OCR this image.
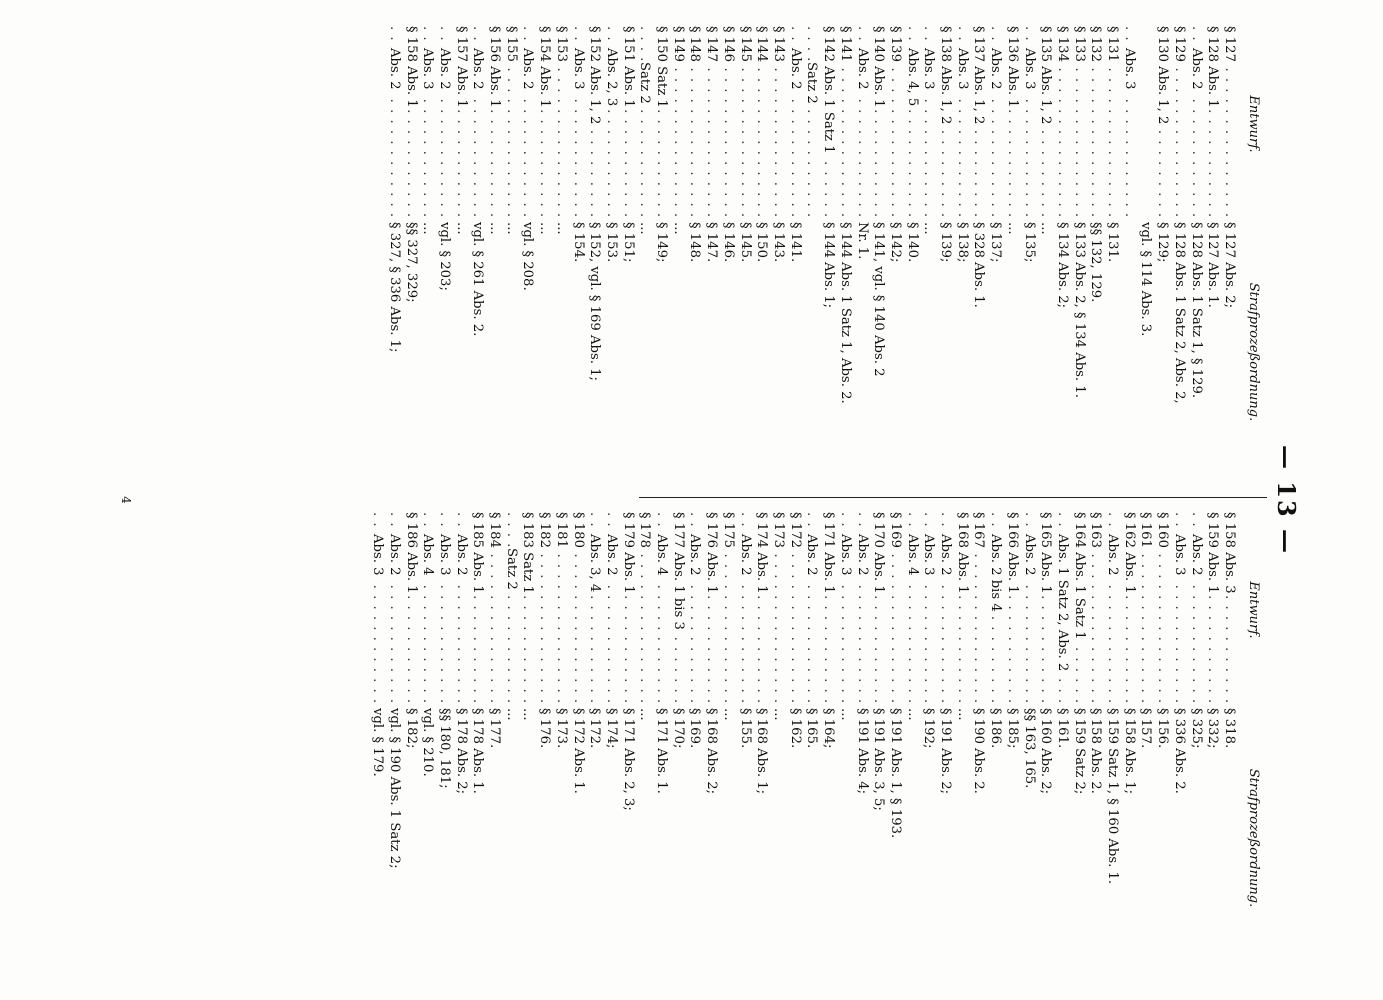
— 13 —
Entwurf.
Strafprozeßordnung.
§ 127 . . .
§ 127 Abs. 2;
§ 128 Abs. 1 . . .
§ 127 Abs. 1.
Abs. 2 . . .
§ 128 Abs. 1 Satz 1, § 129.
§ 129 . . .
§ 128 Abs. 1 Satz 2, Abs. 2,
§ 130 Abs. 1, 2 . . .
§ 129;
vgl. § 114 Abs. 3.
Abs. 3 . . .
§ 131 . . .
§ 131.
§ 132 . . .
§§ 132, 129.
§ 133 . . .
§ 133 Abs. 2, § 134 Abs. 1.
§ 134 . . .
§ 134 Abs. 2;
§ 135 Abs. 1, 2 . . .
...
Abs. 3 . . .
§ 135;
§ 136 Abs. 1 . . .
...
Abs. 2 . . .
§ 137;
§ 137 Abs. 1, 2 . . .
§ 328 Abs. 1.
Abs. 3 . . .
§ 138;
§ 138 Abs. 1, 2 . . .
§ 139;
Abs. 3 . . .
...
Abs. 4, 5 . . .
§ 140.
§ 139 . . .
§ 142;
§ 140 Abs. 1 . . .
§ 141, vgl. § 140 Abs. 2
Abs. 2 . . .
Nr. 1.
§ 141 . . .
§ 144 Abs. 1 Satz 1, Abs. 2.
§ 142 Abs. 1 Satz 1 . . .
§ 144 Abs. 1;
Satz 2 . . .
Abs. 2 . . .
§ 141.
§ 143 . . .
§ 143.
§ 144 . . .
§ 150.
§ 145 . . .
§ 145.
§ 146 . . .
§ 146.
§ 147 . . .
§ 147.
§ 148 . . .
§ 148.
§ 149 . . .
...
§ 150 Satz 1 . . .
§ 149;
Satz 2 . . .
...
§ 151 Abs. 1 . . .
§ 151;
Abs. 2, 3 . . .
§ 153.
§ 152 Abs. 1, 2 . . .
§ 152, vgl. § 169 Abs. 1;
Abs. 3 . . .
§ 154.
§ 153 . . .
...
§ 154 Abs. 1 . . .
...
Abs. 2 . . .
vgl. § 208.
§ 155 . . .
...
§ 156 Abs. 1 . . .
...
Abs. 2 . . .
vgl. § 261 Abs. 2.
§ 157 Abs. 1 . . .
...
Abs. 2 . . .
vgl. § 203;
Abs. 3 . . .
...
§ 158 Abs. 1 . . .
§§ 327, 329;
Abs. 2 . . .
§ 327, § 336 Abs. 1;
Entwurf.
Strafprozeßordnung.
§ 158 Abs. 3 . . .
§ 318.
§ 159 Abs. 1 . . .
§ 332;
Abs. 2 . . .
§ 325;
Abs. 3 . . .
§ 336 Abs. 2.
§ 160 . . .
§ 156.
§ 161 . . .
§ 157.
§ 162 Abs. 1 . . .
§ 158 Abs. 1;
Abs. 2 . . .
§ 159 Satz 1, § 160 Abs. 1.
§ 163 . . .
§ 158 Abs. 2.
§ 164 Abs. 1 Satz 1 . . .
§ 159 Satz 2;
Abs. 1 Satz 2, Abs. 2 . . .
§ 161.
§ 165 Abs. 1 . . .
§ 160 Abs. 2;
Abs. 2 . . .
§§ 163, 165.
§ 166 Abs. 1 . . .
§ 185;
Abs. 2 bis 4 . . .
§ 186.
§ 167 . . .
§ 190 Abs. 2.
§ 168 Abs. 1 . . .
...
Abs. 2 . . .
§ 191 Abs. 2;
Abs. 3 . . .
§ 192;
Abs. 4 . . .
...
§ 169 . . .
§ 191 Abs. 1, § 193.
§ 170 Abs. 1 . . .
§ 191 Abs. 3, 5;
Abs. 2 . . .
§ 191 Abs. 4;
Abs. 3 . . .
...
§ 171 Abs. 1 . . .
§ 164;
Abs. 2 . . .
§ 165.
§ 172 . . .
§ 162.
§ 173 . . .
...
§ 174 Abs. 1 . . .
§ 168 Abs. 1;
Abs. 2 . . .
§ 155.
§ 175 . . .
...
§ 176 Abs. 1 . . .
§ 168 Abs. 2;
Abs. 2 . . .
§ 169.
§ 177 Abs. 1 bis 3 . . .
§ 170;
Abs. 4 . . .
§ 171 Abs. 1.
§ 178 . . .
...
§ 179 Abs. 1 . . .
§ 171 Abs. 2, 3;
Abs. 2 . . .
§ 174;
Abs. 3, 4 . . .
§ 172.
§ 180 . . .
§ 172 Abs. 1.
§ 181 . . .
§ 173.
§ 182 . . .
§ 176.
§ 183 Satz 1 . . .
...
Satz 2 . . .
...
§ 184 . . .
§ 177.
§ 185 Abs. 1 . . .
§ 178 Abs. 1.
Abs. 2 . . .
§ 178 Abs. 2;
Abs. 3 . . .
§§ 180, 181;
Abs. 4 . . .
vgl. § 210.
§ 186 Abs. 1 . . .
§ 182;
Abs. 2 . . .
vgl. § 190 Abs. 1 Satz 2;
Abs. 3 . . .
vgl. § 179.
4
